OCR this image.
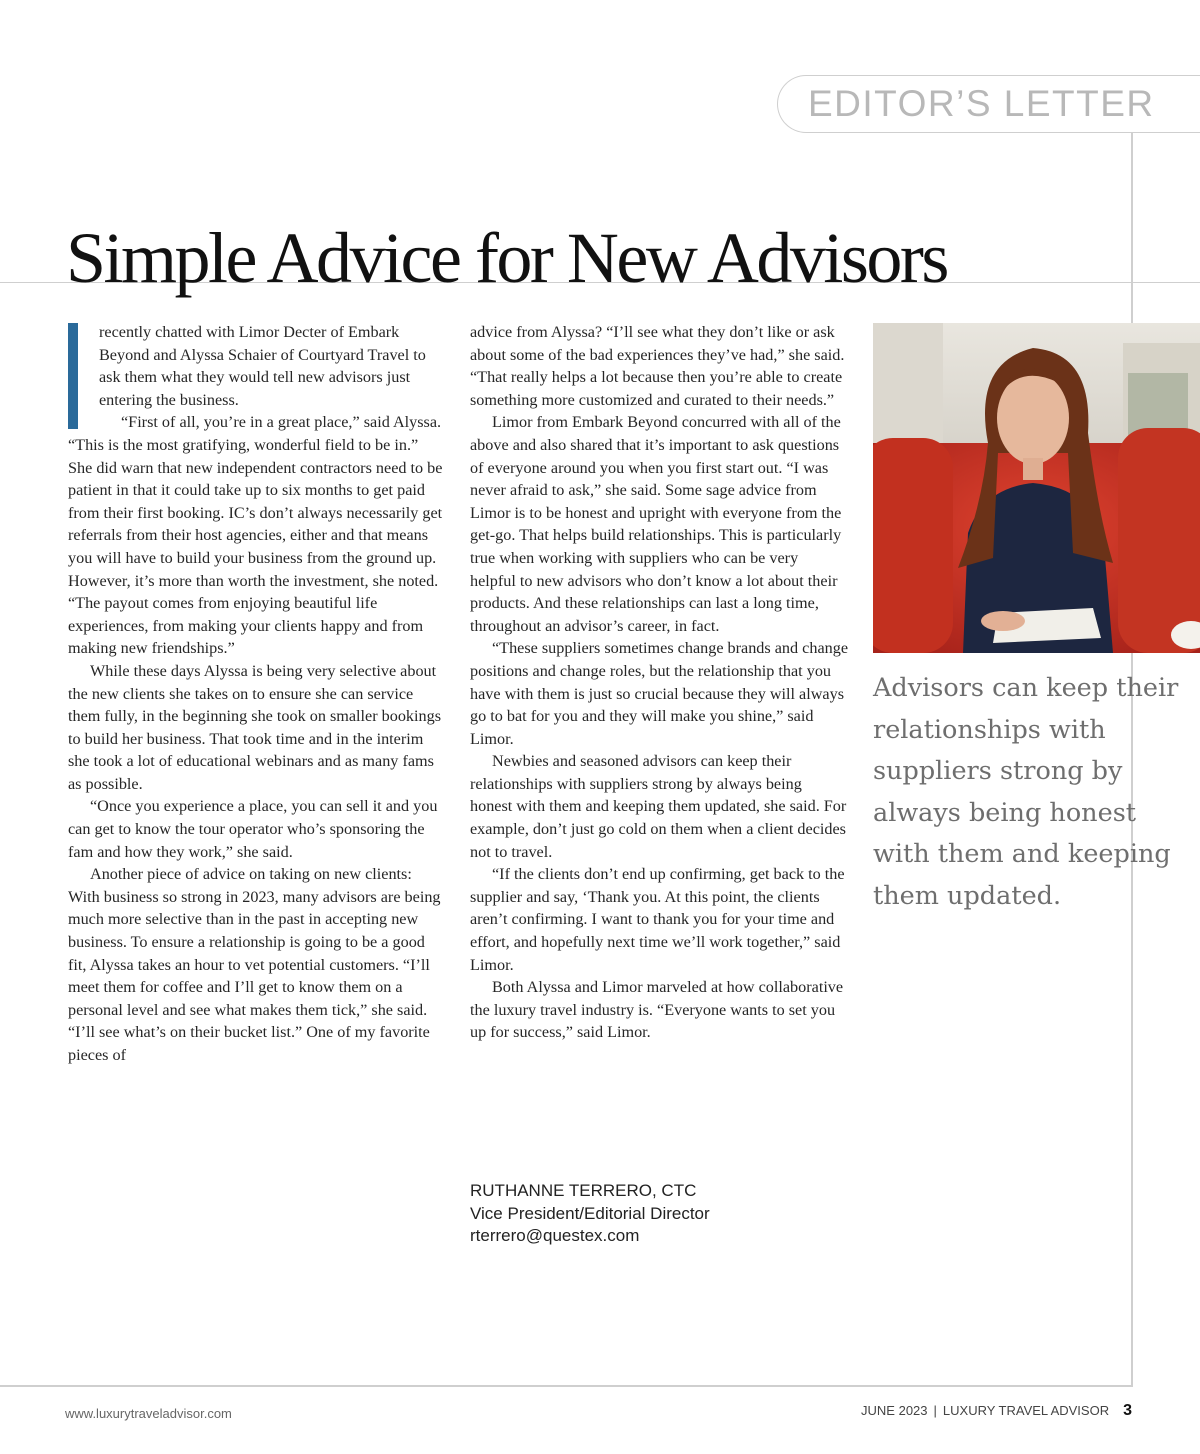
EDITOR’S LETTER
Simple Advice for New Advisors

recently chatted with Limor Decter of Embark Beyond and Alyssa Schaier of Courtyard Travel to ask them what they would tell new advisors just entering the business.

“First of all, you’re in a great place,” said Alyssa. “This is the most gratifying, wonderful field to be in.” She did warn that new independent contractors need to be patient in that it could take up to six months to get paid from their first booking. IC’s don’t always necessarily get referrals from their host agencies, either and that means you will have to build your business from the ground up. However, it’s more than worth the investment, she noted. “The payout comes from enjoying beautiful life experiences, from making your clients happy and from making new friendships.”

While these days Alyssa is being very selective about the new clients she takes on to ensure she can service them fully, in the beginning she took on smaller bookings to build her business. That took time and in the interim she took a lot of educational webinars and as many fams as possible.

“Once you experience a place, you can sell it and you can get to know the tour operator who’s sponsoring the fam and how they work,” she said.

Another piece of advice on taking on new clients: With business so strong in 2023, many advisors are being much more selective than in the past in accepting new business. To ensure a relationship is going to be a good fit, Alyssa takes an hour to vet potential customers. “I’ll meet them for coffee and I’ll get to know them on a personal level and see what makes them tick,” she said. “I’ll see what’s on their bucket list.” One of my favorite pieces of

advice from Alyssa? “I’ll see what they don’t like or ask about some of the bad experiences they’ve had,” she said. “That really helps a lot because then you’re able to create something more customized and curated to their needs.”

Limor from Embark Beyond concurred with all of the above and also shared that it’s important to ask questions of everyone around you when you first start out. “I was never afraid to ask,” she said. Some sage advice from Limor is to be honest and upright with everyone from the get-go. That helps build relationships. This is particularly true when working with suppliers who can be very helpful to new advisors who don’t know a lot about their products. And these relationships can last a long time, throughout an advisor’s career, in fact.

“These suppliers sometimes change brands and change positions and change roles, but the relationship that you have with them is just so crucial because they will always go to bat for you and they will make you shine,” said Limor.

Newbies and seasoned advisors can keep their relationships with suppliers strong by always being honest with them and keeping them updated, she said. For example, don’t just go cold on them when a client decides not to travel.

“If the clients don’t end up confirming, get back to the supplier and say, ‘Thank you. At this point, the clients aren’t confirming. I want to thank you for your time and effort, and hopefully next time we’ll work together,” said Limor.

Both Alyssa and Limor marveled at how collaborative the luxury travel industry is. “Everyone wants to set you up for success,” said Limor.

Advisors can keep their relationships with suppliers strong by always being honest with them and keeping them updated.
RUTHANNE TERRERO, CTC
Vice President/Editorial Director
rterrero@questex.com
www.luxurytraveladvisor.com	JUNE 2023 | LUXURY TRAVEL ADVISOR 3
